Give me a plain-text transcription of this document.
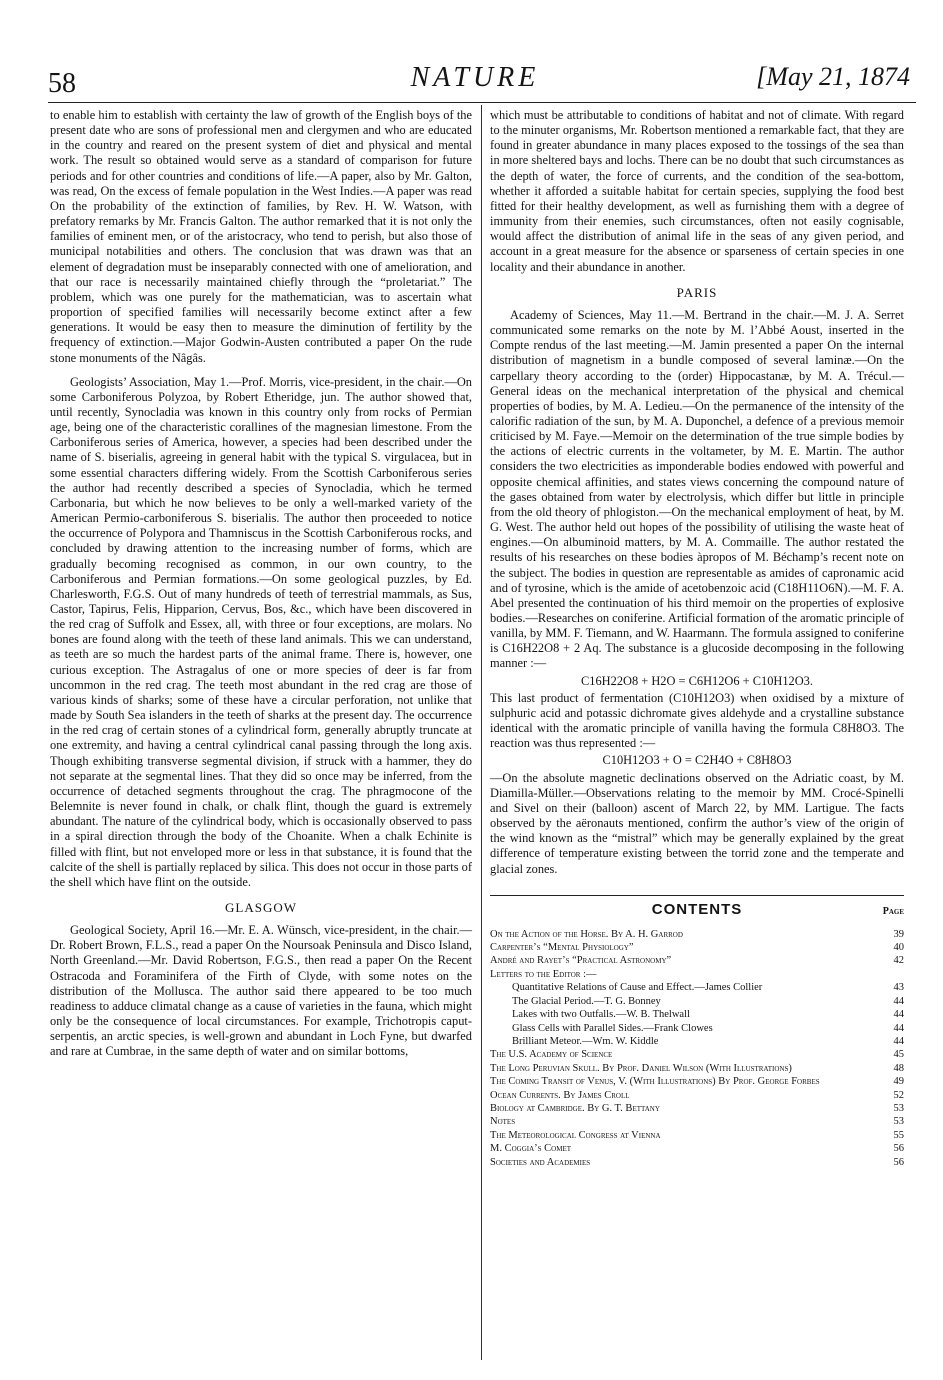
58	NATURE	[May 21, 1874

to enable him to establish with certainty the law of growth of the English boys of the present date who are sons of professional men and clergymen and who are educated in the country and reared on the present system of diet and physical and mental work. The result so obtained would serve as a standard of comparison for future periods and for other countries and conditions of life.—A paper, also by Mr. Galton, was read, On the excess of female population in the West Indies.—A paper was read On the probability of the extinction of families, by Rev. H. W. Watson, with prefatory remarks by Mr. Francis Galton. The author remarked that it is not only the families of eminent men, or of the aristocracy, who tend to perish, but also those of municipal notabilities and others. The conclusion that was drawn was that an element of degradation must be inseparably connected with one of amelioration, and that our race is necessarily maintained chiefly through the “proletariat.” The problem, which was one purely for the mathematician, was to ascertain what proportion of specified families will necessarily become extinct after a few generations. It would be easy then to measure the diminution of fertility by the frequency of extinction.—Major Godwin-Austen contributed a paper On the rude stone monuments of the Nâgâs.

Geologists’ Association, May 1.—Prof. Morris, vice-president, in the chair.—On some Carboniferous Polyzoa, by Robert Etheridge, jun. The author showed that, until recently, Synocladia was known in this country only from rocks of Permian age, being one of the characteristic corallines of the magnesian limestone. From the Carboniferous series of America, however, a species had been described under the name of S. biserialis, agreeing in general habit with the typical S. virgulacea, but in some essential characters differing widely. From the Scottish Carboniferous series the author had recently described a species of Synocladia, which he termed Carbonaria, but which he now believes to be only a well-marked variety of the American Permio-carboniferous S. biserialis. The author then proceeded to notice the occurrence of Polypora and Thamniscus in the Scottish Carboniferous rocks, and concluded by drawing attention to the increasing number of forms, which are gradually becoming recognised as common, in our own country, to the Carboniferous and Permian formations.—On some geological puzzles, by Ed. Charlesworth, F.G.S. Out of many hundreds of teeth of terrestrial mammals, as Sus, Castor, Tapirus, Felis, Hipparion, Cervus, Bos, &c., which have been discovered in the red crag of Suffolk and Essex, all, with three or four exceptions, are molars. No bones are found along with the teeth of these land animals. This we can understand, as teeth are so much the hardest parts of the animal frame. There is, however, one curious exception. The Astragalus of one or more species of deer is far from uncommon in the red crag. The teeth most abundant in the red crag are those of various kinds of sharks; some of these have a circular perforation, not unlike that made by South Sea islanders in the teeth of sharks at the present day. The occurrence in the red crag of certain stones of a cylindrical form, generally abruptly truncate at one extremity, and having a central cylindrical canal passing through the long axis. Though exhibiting transverse segmental division, if struck with a hammer, they do not separate at the segmental lines. That they did so once may be inferred, from the occurrence of detached segments throughout the crag. The phragmocone of the Belemnite is never found in chalk, or chalk flint, though the guard is extremely abundant. The nature of the cylindrical body, which is occasionally observed to pass in a spiral direction through the body of the Choanite. When a chalk Echinite is filled with flint, but not enveloped more or less in that substance, it is found that the calcite of the shell is partially replaced by silica. This does not occur in those parts of the shell which have flint on the outside.

GLASGOW

Geological Society, April 16.—Mr. E. A. Wünsch, vice-president, in the chair.—Dr. Robert Brown, F.L.S., read a paper On the Noursoak Peninsula and Disco Island, North Greenland.—Mr. David Robertson, F.G.S., then read a paper On the Recent Ostracoda and Foraminifera of the Firth of Clyde, with some notes on the distribution of the Mollusca. The author said there appeared to be too much readiness to adduce climatal change as a cause of varieties in the fauna, which might only be the consequence of local circumstances. For example, Trichotropis caput-serpentis, an arctic species, is well-grown and abundant in Loch Fyne, but dwarfed and rare at Cumbrae, in the same depth of water and on similar bottoms,

which must be attributable to conditions of habitat and not of climate. With regard to the minuter organisms, Mr. Robertson mentioned a remarkable fact, that they are found in greater abundance in many places exposed to the tossings of the sea than in more sheltered bays and lochs. There can be no doubt that such circumstances as the depth of water, the force of currents, and the condition of the sea-bottom, whether it afforded a suitable habitat for certain species, supplying the food best fitted for their healthy development, as well as furnishing them with a degree of immunity from their enemies, such circumstances, often not easily cognisable, would affect the distribution of animal life in the seas of any given period, and account in a great measure for the absence or sparseness of certain species in one locality and their abundance in another.

PARIS

Academy of Sciences, May 11.—M. Bertrand in the chair.—M. J. A. Serret communicated some remarks on the note by M. l’Abbé Aoust, inserted in the Compte rendus of the last meeting.—M. Jamin presented a paper On the internal distribution of magnetism in a bundle composed of several laminæ.—On the carpellary theory according to the (order) Hippocastanæ, by M. A. Trécul.—General ideas on the mechanical interpretation of the physical and chemical properties of bodies, by M. A. Ledieu.—On the permanence of the intensity of the calorific radiation of the sun, by M. A. Duponchel, a defence of a previous memoir criticised by M. Faye.—Memoir on the determination of the true simple bodies by the actions of electric currents in the voltameter, by M. E. Martin. The author considers the two electricities as imponderable bodies endowed with powerful and opposite chemical affinities, and states views concerning the compound nature of the gases obtained from water by electrolysis, which differ but little in principle from the old theory of phlogiston.—On the mechanical employment of heat, by M. G. West. The author held out hopes of the possibility of utilising the waste heat of engines.—On albuminoid matters, by M. A. Commaille. The author restated the results of his researches on these bodies àpropos of M. Béchamp’s recent note on the subject. The bodies in question are representable as amides of capronamic acid and of tyrosine, which is the amide of acetobenzoic acid (C18H11O6N).—M. F. A. Abel presented the continuation of his third memoir on the properties of explosive bodies.—Researches on coniferine. Artificial formation of the aromatic principle of vanilla, by MM. F. Tiemann, and W. Haarmann. The formula assigned to coniferine is C16H22O8 + 2 Aq. The substance is a glucoside decomposing in the following manner :—

C16H22O8 + H2O = C6H12O6 + C10H12O3.

This last product of fermentation (C10H12O3) when oxidised by a mixture of sulphuric acid and potassic dichromate gives aldehyde and a crystalline substance identical with the aromatic principle of vanilla having the formula C8H8O3. The reaction was thus represented :—

C10H12O3 + O = C2H4O + C8H8O3

—On the absolute magnetic declinations observed on the Adriatic coast, by M. Diamilla-Müller.—Observations relating to the memoir by MM. Crocé-Spinelli and Sivel on their (balloon) ascent of March 22, by MM. Lartigue. The facts observed by the aëronauts mentioned, confirm the author’s view of the origin of the wind known as the “mistral” which may be generally explained by the great difference of temperature existing between the torrid zone and the temperate and glacial zones.

CONTENTS	Page
On the Action of the Horse. By A. H. Garrod	39
Carpenter’s “Mental Physiology”	40
André and Rayet’s “Practical Astronomy”	42
Letters to the Editor :—
Quantitative Relations of Cause and Effect.—James Collier	43
The Glacial Period.—T. G. Bonney	44
Lakes with two Outfalls.—W. B. Thelwall	44
Glass Cells with Parallel Sides.—Frank Clowes	44
Brilliant Meteor.—Wm. W. Kiddle	44
The U.S. Academy of Science	45
The Long Peruvian Skull. By Prof. Daniel Wilson (With Illustrations)	48
The Coming Transit of Venus, V. (With Illustrations) By Prof. George Forbes	49
Ocean Currents. By James Croll	52
Biology at Cambridge. By G. T. Bettany	53
Notes	53
The Meteorological Congress at Vienna	55
M. Coggia’s Comet	56
Societies and Academies	56
